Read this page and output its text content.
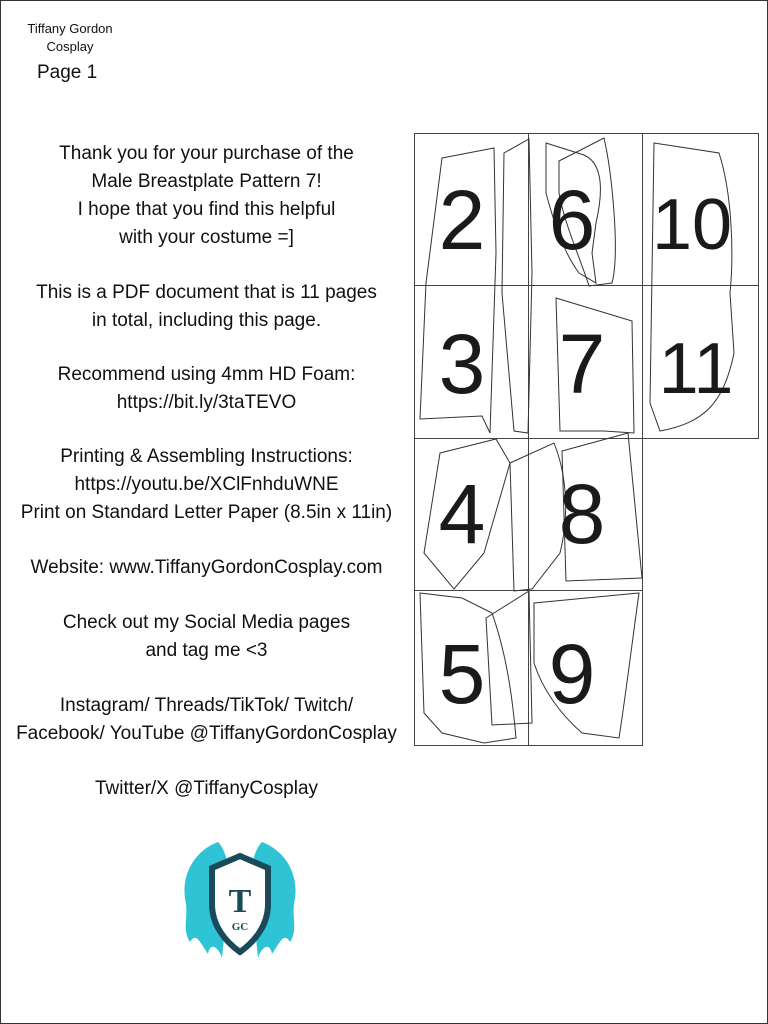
Tiffany Gordon
Cosplay
Page 1
Thank you for your purchase of the
Male Breastplate Pattern 7!
I hope that you find this helpful
with your costume =]
This is a PDF document that is 11 pages
in total, including this page.
Recommend using 4mm HD Foam:
https://bit.ly/3taTEVO
Printing & Assembling Instructions:
https://youtu.be/XClFnhduWNE
Print on Standard Letter Paper (8.5in x 11in)
Website: www.TiffanyGordonCosplay.com
Check out my Social Media pages
and tag me <3
Instagram/ Threads/TikTok/ Twitch/
Facebook/ YouTube @TiffanyGordonCosplay
Twitter/X @TiffanyCosplay
2 6 10
3 7 11
4 8
5 9
T
GC
